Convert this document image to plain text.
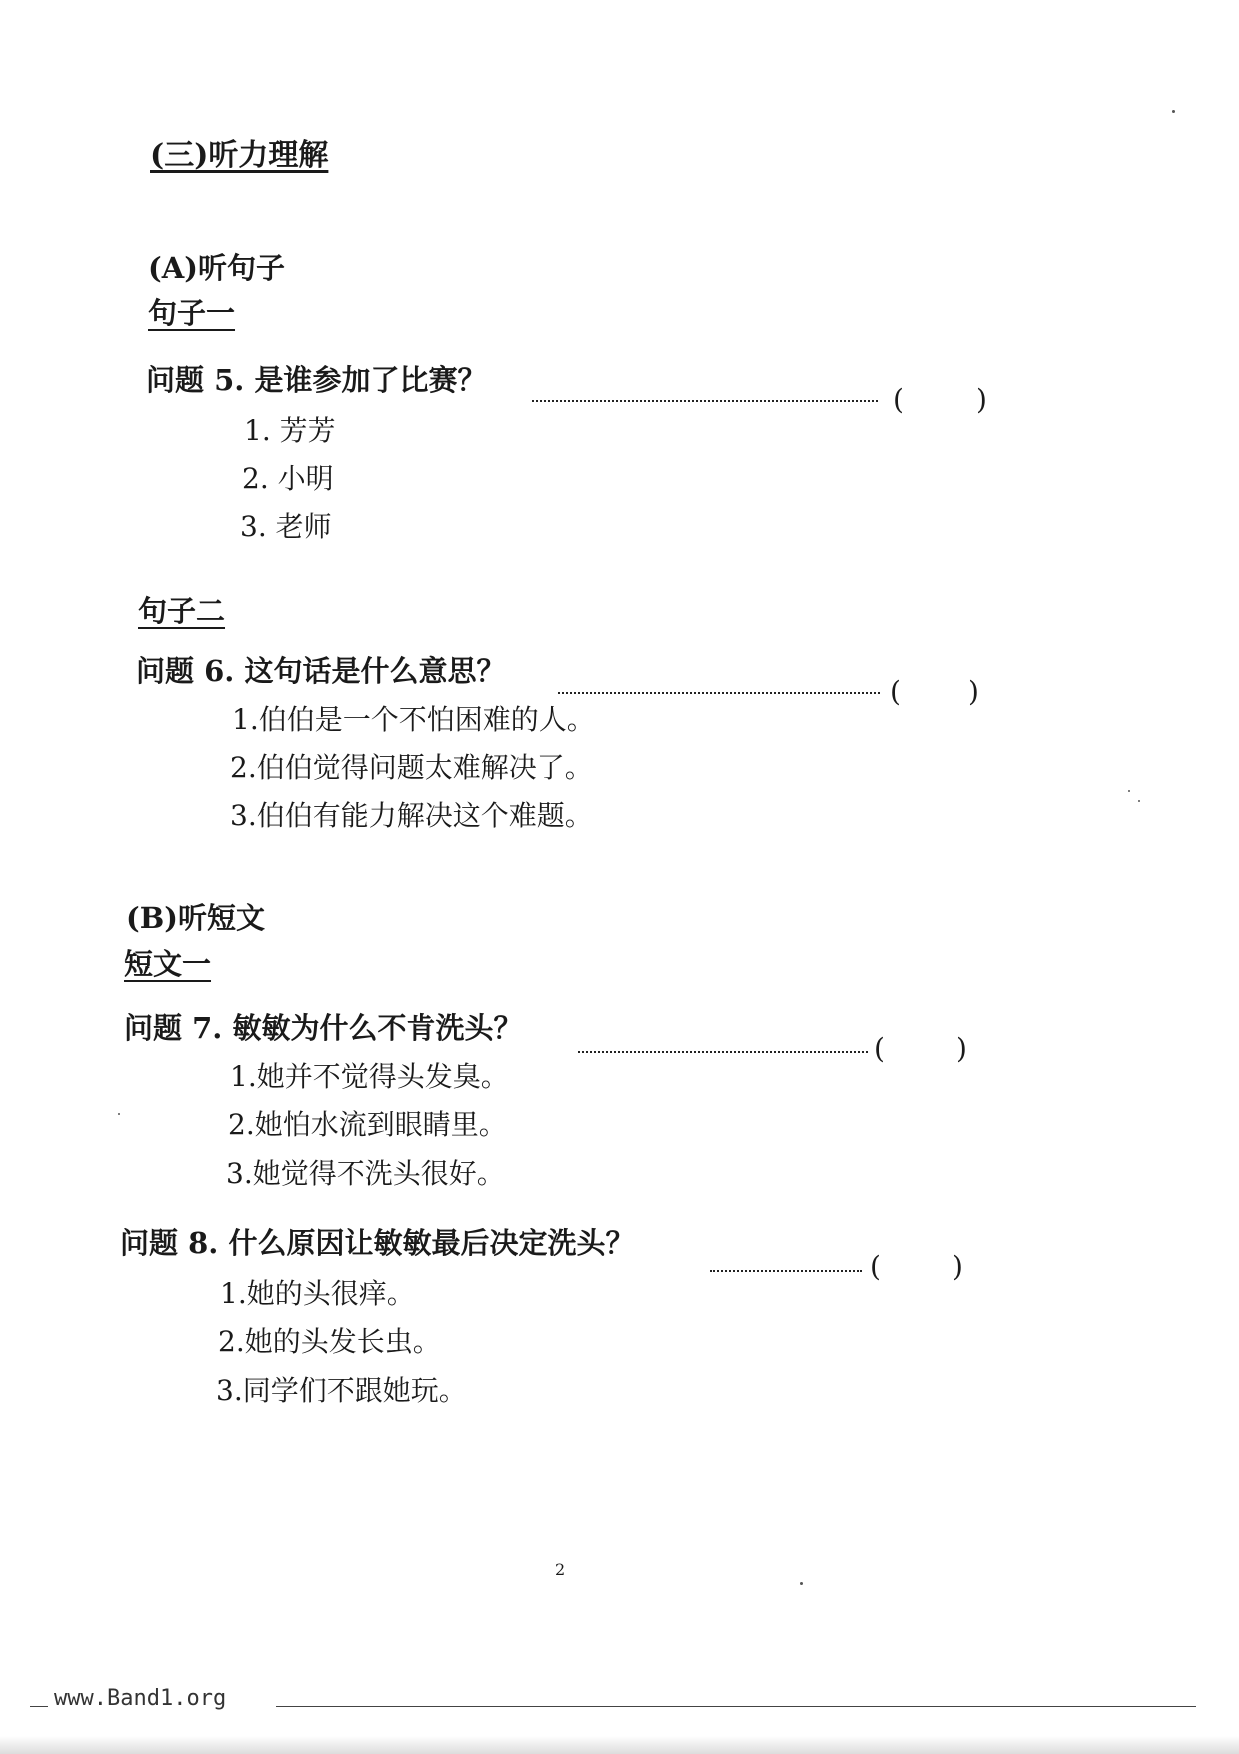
(三)听力理解
(A)听句子
句子一
问题 5. 是谁参加了比赛？
(	)
1. 芳芳
2. 小明
3. 老师
句子二
问题 6. 这句话是什么意思？
( )
1.伯伯是一个不怕困难的人。
2.伯伯觉得问题太难解决了。
3.伯伯有能力解决这个难题。
(B)听短文
短文一
问题 7. 敏敏为什么不肯洗头？
(	)
1.她并不觉得头发臭。
2.她怕水流到眼睛里。
3.她觉得不洗头很好。
问题 8. 什么原因让敏敏最后决定洗头？
(	)
1.她的头很痒。
2.她的头发长虫。
3.同学们不跟她玩。
2
www.Band1.org
